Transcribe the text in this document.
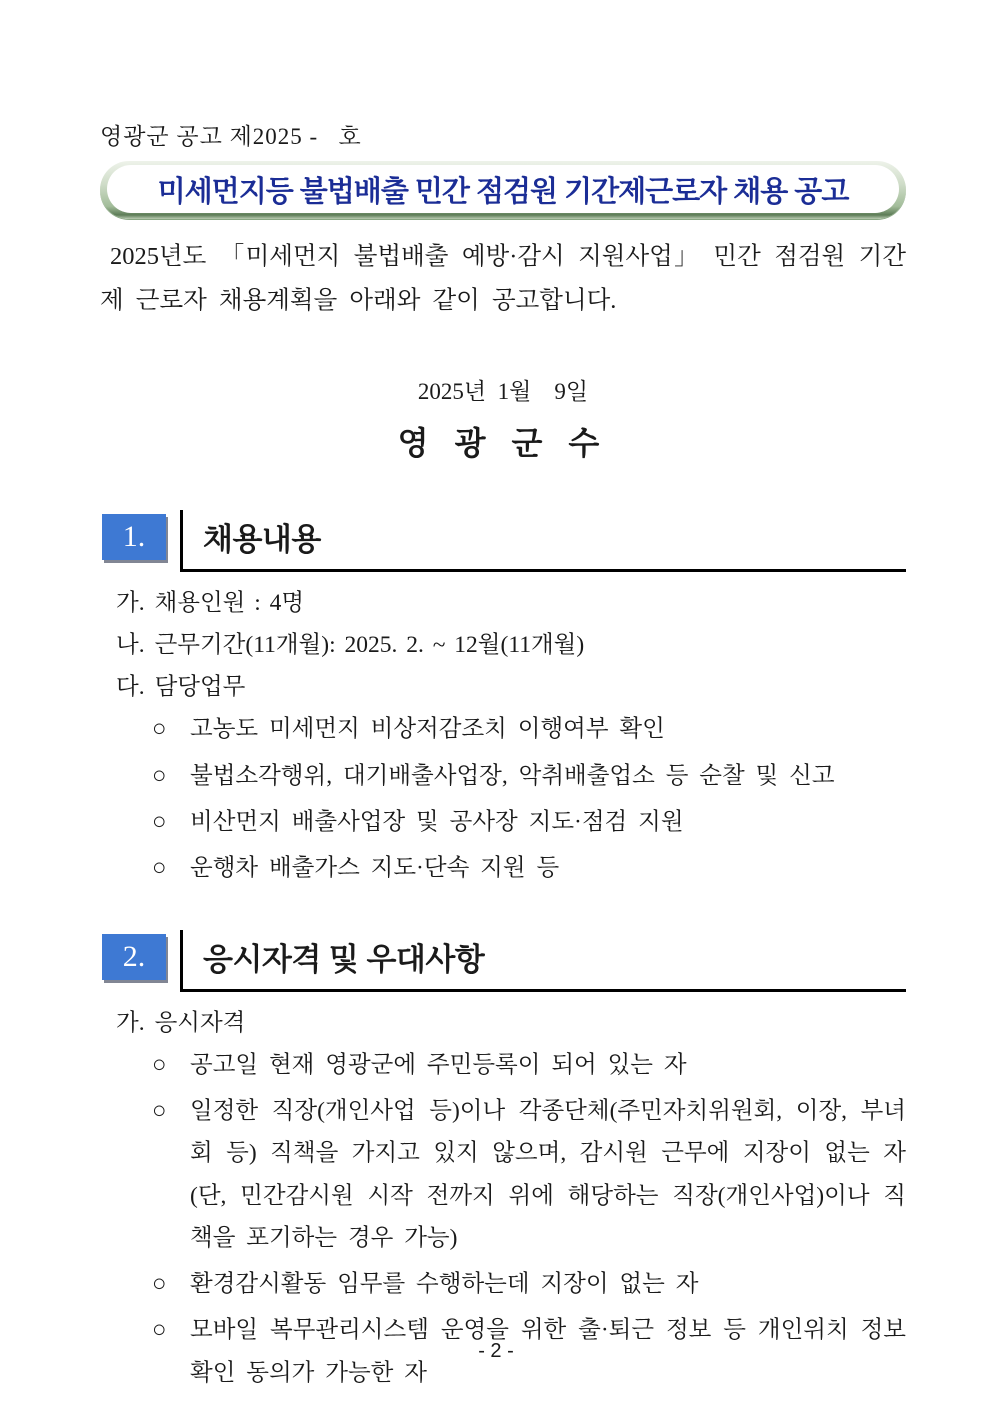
영광군 공고 제2025 -   호
미세먼지등 불법배출 민간 점검원 기간제근로자 채용 공고

2025년도 「미세먼지 불법배출 예방·감시 지원사업」 민간 점검원 기간제 근로자 채용계획을 아래와 같이 공고합니다.

2025년  1월    9일
영 광 군 수
1.	채용내용
가. 채용인원 : 4명
나. 근무기간(11개월): 2025. 2. ~ 12월(11개월)
다. 담당업무
○	고농도 미세먼지 비상저감조치 이행여부 확인
○	불법소각행위, 대기배출사업장, 악취배출업소 등 순찰 및 신고
○	비산먼지 배출사업장 및 공사장 지도·점검 지원
○	운행차 배출가스 지도·단속 지원 등
2.	응시자격 및 우대사항
가. 응시자격
○	공고일 현재 영광군에 주민등록이 되어 있는 자
○	일정한 직장(개인사업 등)이나 각종단체(주민자치위원회, 이장, 부녀회 등) 직책을 가지고 있지 않으며, 감시원 근무에 지장이 없는 자(단, 민간감시원 시작 전까지 위에 해당하는 직장(개인사업)이나 직책을 포기하는 경우 가능)
○	환경감시활동 임무를 수행하는데 지장이 없는 자
○	모바일 복무관리시스템 운영을 위한 출·퇴근 정보 등 개인위치 정보 확인 동의가 가능한 자
- 2 -
